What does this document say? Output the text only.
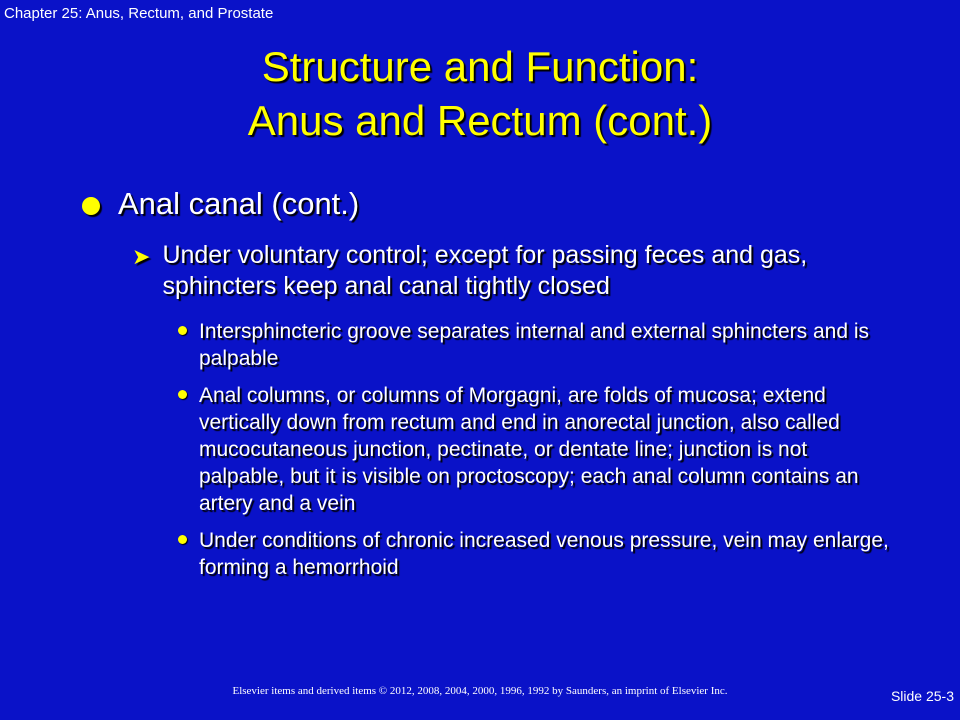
Chapter 25: Anus, Rectum, and Prostate
Structure and Function:
Anus and Rectum (cont.)
Anal canal (cont.)
➤ Under voluntary control; except for passing feces and gas, sphincters keep anal canal tightly closed
Intersphincteric groove separates internal and external sphincters and is palpable
Anal columns, or columns of Morgagni, are folds of mucosa; extend vertically down from rectum and end in anorectal junction, also called mucocutaneous junction, pectinate, or dentate line; junction is not palpable, but it is visible on proctoscopy; each anal column contains an artery and a vein
Under conditions of chronic increased venous pressure, vein may enlarge, forming a hemorrhoid
Elsevier items and derived items © 2012, 2008, 2004, 2000, 1996, 1992 by Saunders, an imprint of Elsevier Inc.	Slide 25-3
